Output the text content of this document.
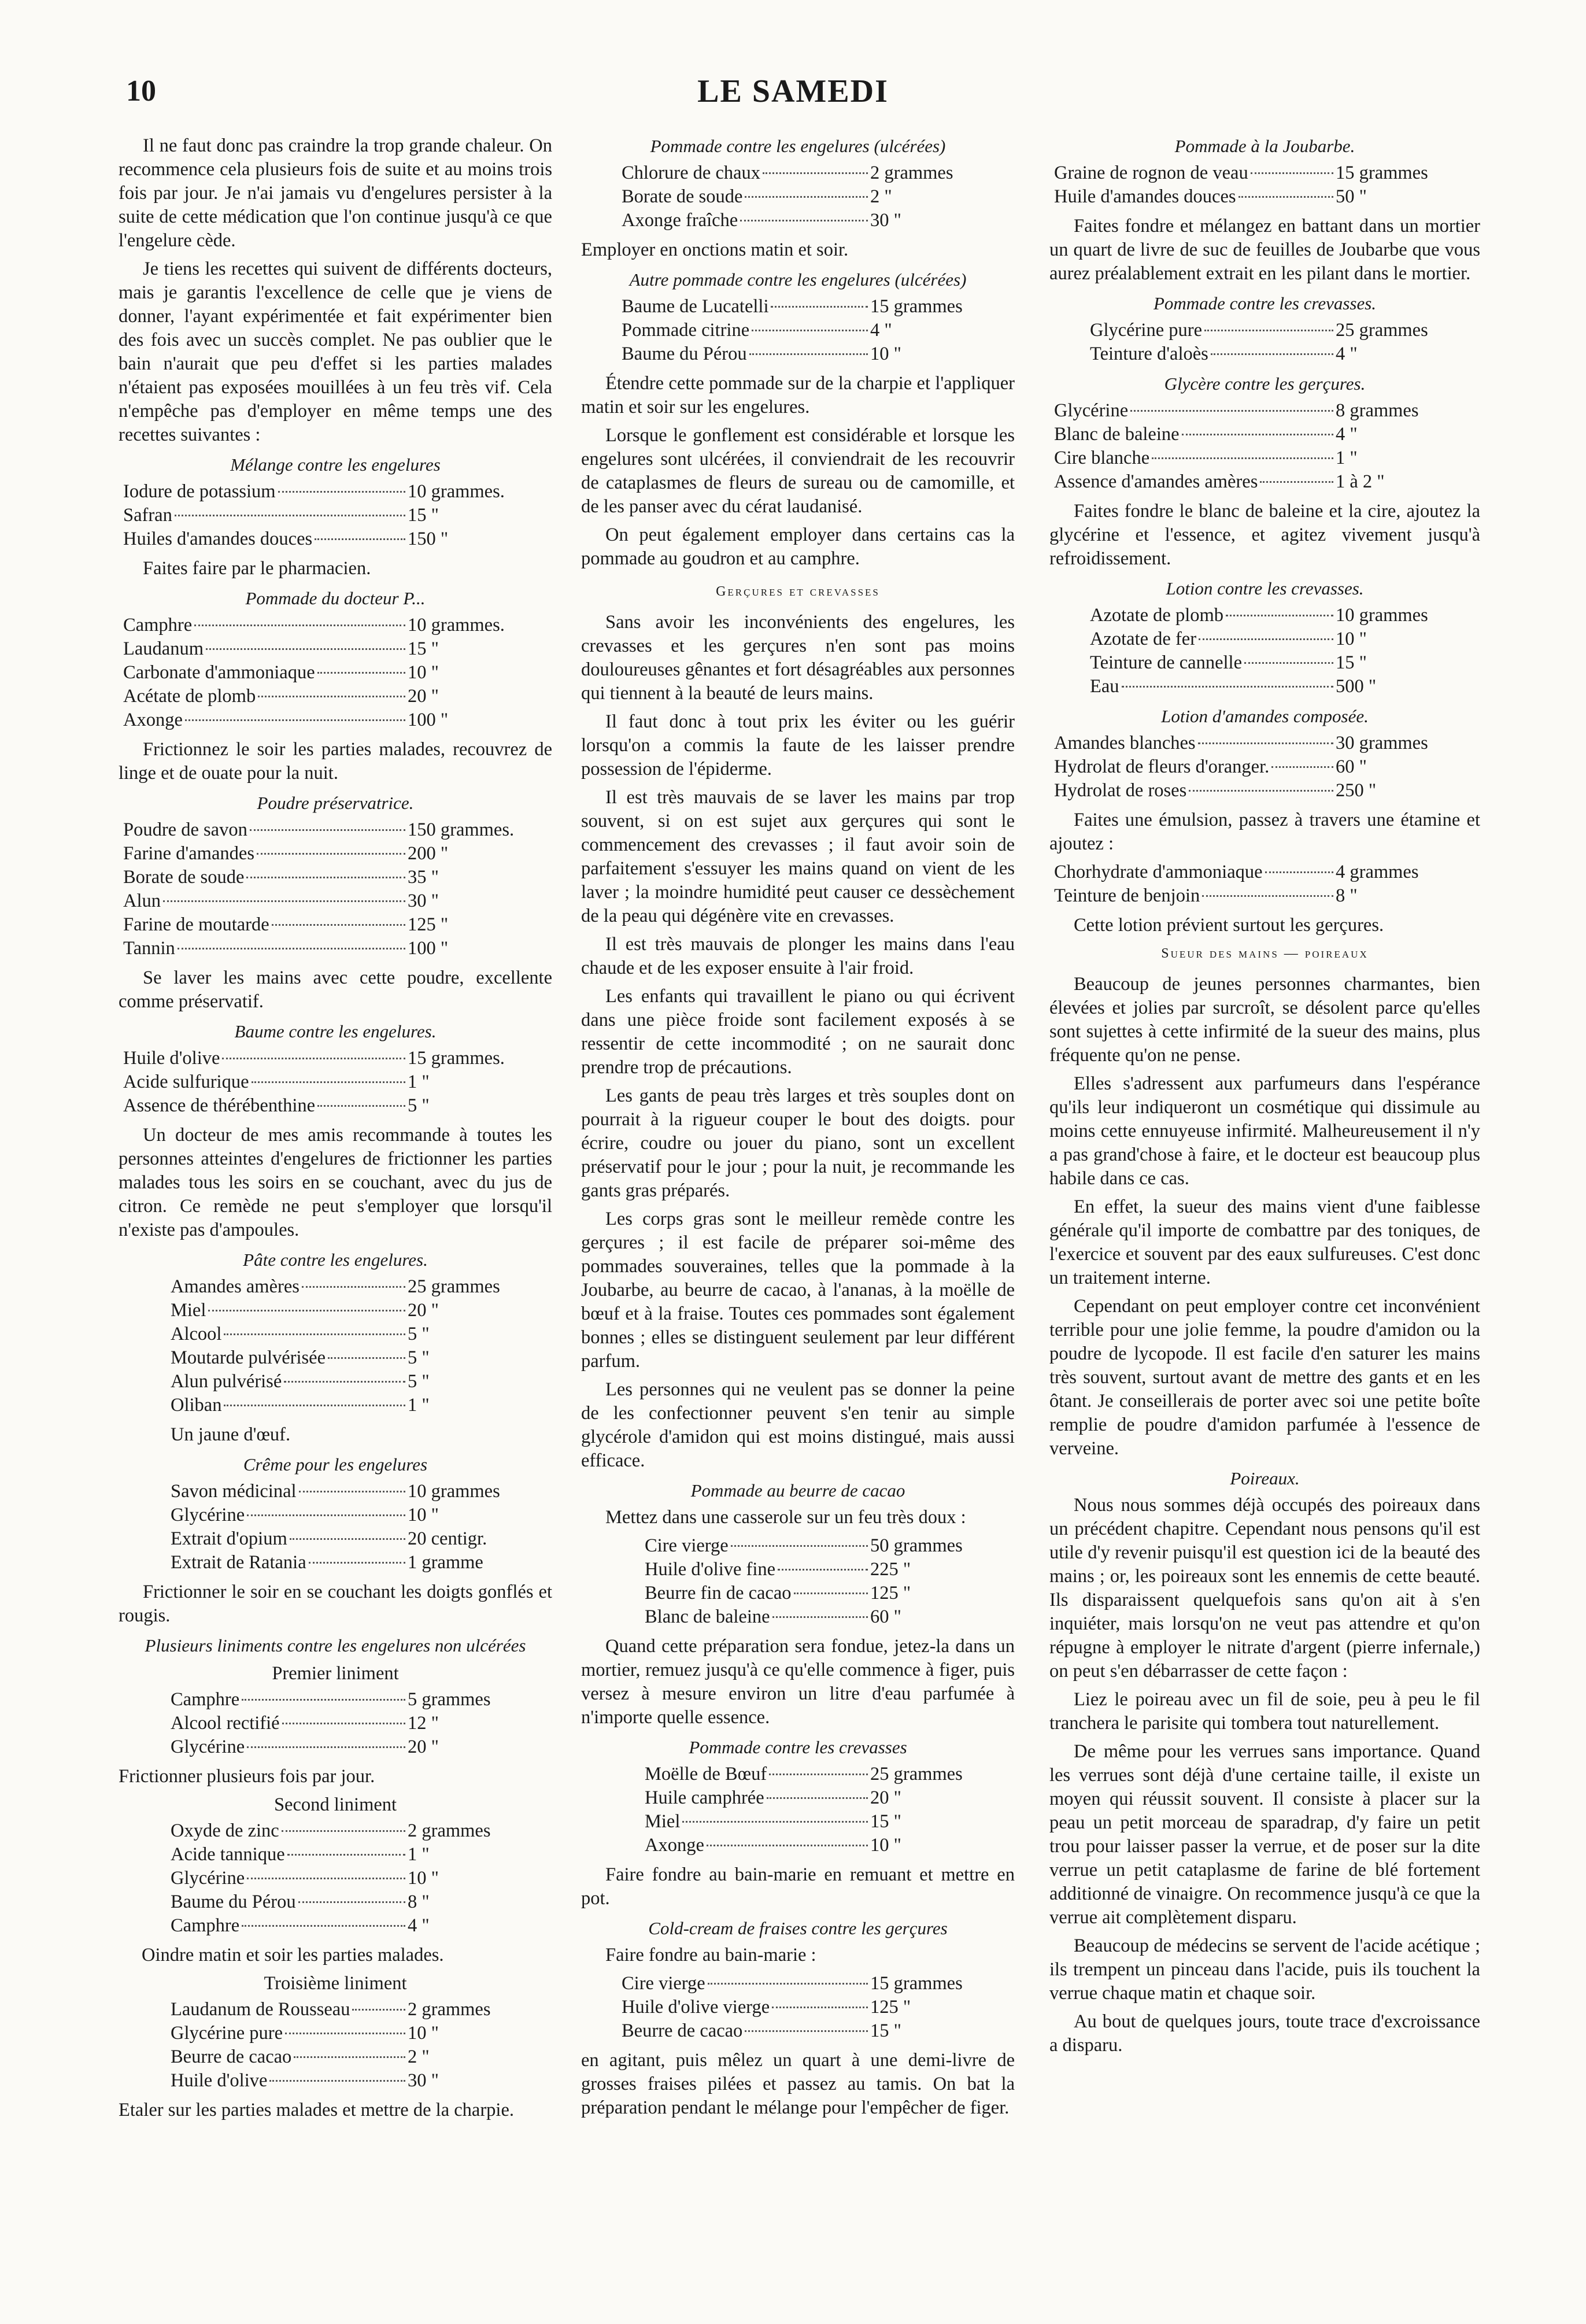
10	LE SAMEDI

Il ne faut donc pas craindre la trop grande chaleur. On recommence cela plusieurs fois de suite et au moins trois fois par jour. Je n'ai jamais vu d'engelures persister à la suite de cette médication que l'on continue jusqu'à ce que l'engelure cède.

Je tiens les recettes qui suivent de différents docteurs, mais je garantis l'excellence de celle que je viens de donner, l'ayant expérimentée et fait expérimenter bien des fois avec un succès complet. Ne pas oublier que le bain n'aurait que peu d'effet si les parties malades n'étaient pas exposées mouillées à un feu très vif. Cela n'empêche pas d'employer en même temps une des recettes suivantes :

Mélange contre les engelures
Iodure de potassium	10 grammes.
Safran	15 "
Huiles d'amandes douces	150 "

Faites faire par le pharmacien.

Pommade du docteur P...
Camphre	10 grammes.
Laudanum	15 "
Carbonate d'ammoniaque	10 "
Acétate de plomb	20 "
Axonge	100 "

Frictionnez le soir les parties malades, recouvrez de linge et de ouate pour la nuit.

Poudre préservatrice.
Poudre de savon	150 grammes.
Farine d'amandes	200 "
Borate de soude	35 "
Alun	30 "
Farine de moutarde	125 "
Tannin	100 "

Se laver les mains avec cette poudre, excellente comme préservatif.

Baume contre les engelures.
Huile d'olive	15 grammes.
Acide sulfurique	1 "
Assence de thérébenthine	5 "

Un docteur de mes amis recommande à toutes les personnes atteintes d'engelures de frictionner les parties malades tous les soirs en se couchant, avec du jus de citron. Ce remède ne peut s'employer que lorsqu'il n'existe pas d'ampoules.

Pâte contre les engelures.
Amandes amères	25 grammes
Miel	20 "
Alcool	5 "
Moutarde pulvérisée	5 "
Alun pulvérisé	5 "
Oliban	1 "
Un jaune d'œuf.
Crême pour les engelures
Savon médicinal	10 grammes
Glycérine	10 "
Extrait d'opium	20 centigr.
Extrait de Ratania	1 gramme

Frictionner le soir en se couchant les doigts gonflés et rougis.

Plusieurs liniments contre les engelures non ulcérées
Premier liniment
Camphre	5 grammes
Alcool rectifié	12 "
Glycérine	20 "
Frictionner plusieurs fois par jour.
Second liniment
Oxyde de zinc	2 grammes
Acide tannique	1 "
Glycérine	10 "
Baume du Pérou	8 "
Camphre	4 "
Oindre matin et soir les parties malades.
Troisième liniment
Laudanum de Rousseau	2 grammes
Glycérine pure	10 "
Beurre de cacao	2 "
Huile d'olive	30 "
Etaler sur les parties malades et mettre de la charpie.
Pommade contre les engelures (ulcérées)
Chlorure de chaux	2 grammes
Borate de soude	2 "
Axonge fraîche	30 "
Employer en onctions matin et soir.
Autre pommade contre les engelures (ulcérées)
Baume de Lucatelli	15 grammes
Pommade citrine	4 "
Baume du Pérou	10 "

Étendre cette pommade sur de la charpie et l'appliquer matin et soir sur les engelures.

Lorsque le gonflement est considérable et lorsque les engelures sont ulcérées, il conviendrait de les recouvrir de cataplasmes de fleurs de sureau ou de camomille, et de les panser avec du cérat laudanisé.

On peut également employer dans certains cas la pommade au goudron et au camphre.

Gerçures et crevasses

Sans avoir les inconvénients des engelures, les crevasses et les gerçures n'en sont pas moins douloureuses gênantes et fort désagréables aux personnes qui tiennent à la beauté de leurs mains.

Il faut donc à tout prix les éviter ou les guérir lorsqu'on a commis la faute de les laisser prendre possession de l'épiderme.

Il est très mauvais de se laver les mains par trop souvent, si on est sujet aux gerçures qui sont le commencement des crevasses ; il faut avoir soin de parfaitement s'essuyer les mains quand on vient de les laver ; la moindre humidité peut causer ce dessèchement de la peau qui dégénère vite en crevasses.

Il est très mauvais de plonger les mains dans l'eau chaude et de les exposer ensuite à l'air froid.

Les enfants qui travaillent le piano ou qui écrivent dans une pièce froide sont facilement exposés à se ressentir de cette incommodité ; on ne saurait donc prendre trop de précautions.

Les gants de peau très larges et très souples dont on pourrait à la rigueur couper le bout des doigts. pour écrire, coudre ou jouer du piano, sont un excellent préservatif pour le jour ; pour la nuit, je recommande les gants gras préparés.

Les corps gras sont le meilleur remède contre les gerçures ; il est facile de préparer soi-même des pommades souveraines, telles que la pommade à la Joubarbe, au beurre de cacao, à l'ananas, à la moëlle de bœuf et à la fraise. Toutes ces pommades sont également bonnes ; elles se distinguent seulement par leur différent parfum.

Les personnes qui ne veulent pas se donner la peine de les confectionner peuvent s'en tenir au simple glycérole d'amidon qui est moins distingué, mais aussi efficace.

Pommade au beurre de cacao

Mettez dans une casserole sur un feu très doux :

Cire vierge	50 grammes
Huile d'olive fine	225 "
Beurre fin de cacao	125 "
Blanc de baleine	60 "

Quand cette préparation sera fondue, jetez-la dans un mortier, remuez jusqu'à ce qu'elle commence à figer, puis versez à mesure environ un litre d'eau parfumée à n'importe quelle essence.

Pommade contre les crevasses
Moëlle de Bœuf	25 grammes
Huile camphrée	20 "
Miel	15 "
Axonge	10 "

Faire fondre au bain-marie en remuant et mettre en pot.

Cold-cream de fraises contre les gerçures

Faire fondre au bain-marie :

Cire vierge	15 grammes
Huile d'olive vierge	125 "
Beurre de cacao	15 "

en agitant, puis mêlez un quart à une demi-livre de grosses fraises pilées et passez au tamis. On bat la préparation pendant le mélange pour l'empêcher de figer.

Pommade à la Joubarbe.
Graine de rognon de veau	15 grammes
Huile d'amandes douces	50 "

Faites fondre et mélangez en battant dans un mortier un quart de livre de suc de feuilles de Joubarbe que vous aurez préalablement extrait en les pilant dans le mortier.

Pommade contre les crevasses.
Glycérine pure	25 grammes
Teinture d'aloès	4 "
Glycère contre les gerçures.
Glycérine	8 grammes
Blanc de baleine	4 "
Cire blanche	1 "
Assence d'amandes amères	1 à 2 "

Faites fondre le blanc de baleine et la cire, ajoutez la glycérine et l'essence, et agitez vivement jusqu'à refroidissement.

Lotion contre les crevasses.
Azotate de plomb	10 grammes
Azotate de fer	10 "
Teinture de cannelle	15 "
Eau	500 "
Lotion d'amandes composée.
Amandes blanches	30 grammes
Hydrolat de fleurs d'oranger.	60 "
Hydrolat de roses	250 "

Faites une émulsion, passez à travers une étamine et ajoutez :

Chorhydrate d'ammoniaque	4 grammes
Teinture de benjoin	8 "

Cette lotion prévient surtout les gerçures.

Sueur des mains — poireaux

Beaucoup de jeunes personnes charmantes, bien élevées et jolies par surcroît, se désolent parce qu'elles sont sujettes à cette infirmité de la sueur des mains, plus fréquente qu'on ne pense.

Elles s'adressent aux parfumeurs dans l'espérance qu'ils leur indiqueront un cosmétique qui dissimule au moins cette ennuyeuse infirmité. Malheureusement il n'y a pas grand'chose à faire, et le docteur est beaucoup plus habile dans ce cas.

En effet, la sueur des mains vient d'une faiblesse générale qu'il importe de combattre par des toniques, de l'exercice et souvent par des eaux sulfureuses. C'est donc un traitement interne.

Cependant on peut employer contre cet inconvénient terrible pour une jolie femme, la poudre d'amidon ou la poudre de lycopode. Il est facile d'en saturer les mains très souvent, surtout avant de mettre des gants et en les ôtant. Je conseillerais de porter avec soi une petite boîte remplie de poudre d'amidon parfumée à l'essence de verveine.

Poireaux.

Nous nous sommes déjà occupés des poireaux dans un précédent chapitre. Cependant nous pensons qu'il est utile d'y revenir puisqu'il est question ici de la beauté des mains ; or, les poireaux sont les ennemis de cette beauté. Ils disparaissent quelquefois sans qu'on ait à s'en inquiéter, mais lorsqu'on ne veut pas attendre et qu'on répugne à employer le nitrate d'argent (pierre infernale,) on peut s'en débarrasser de cette façon :

Liez le poireau avec un fil de soie, peu à peu le fil tranchera le parisite qui tombera tout naturellement.

De même pour les verrues sans importance. Quand les verrues sont déjà d'une certaine taille, il existe un moyen qui réussit souvent. Il consiste à placer sur la peau un petit morceau de sparadrap, d'y faire un petit trou pour laisser passer la verrue, et de poser sur la dite verrue un petit cataplasme de farine de blé fortement additionné de vinaigre. On recommence jusqu'à ce que la verrue ait complètement disparu.

Beaucoup de médecins se servent de l'acide acétique ; ils trempent un pinceau dans l'acide, puis ils touchent la verrue chaque matin et chaque soir.

Au bout de quelques jours, toute trace d'excroissance a disparu.
